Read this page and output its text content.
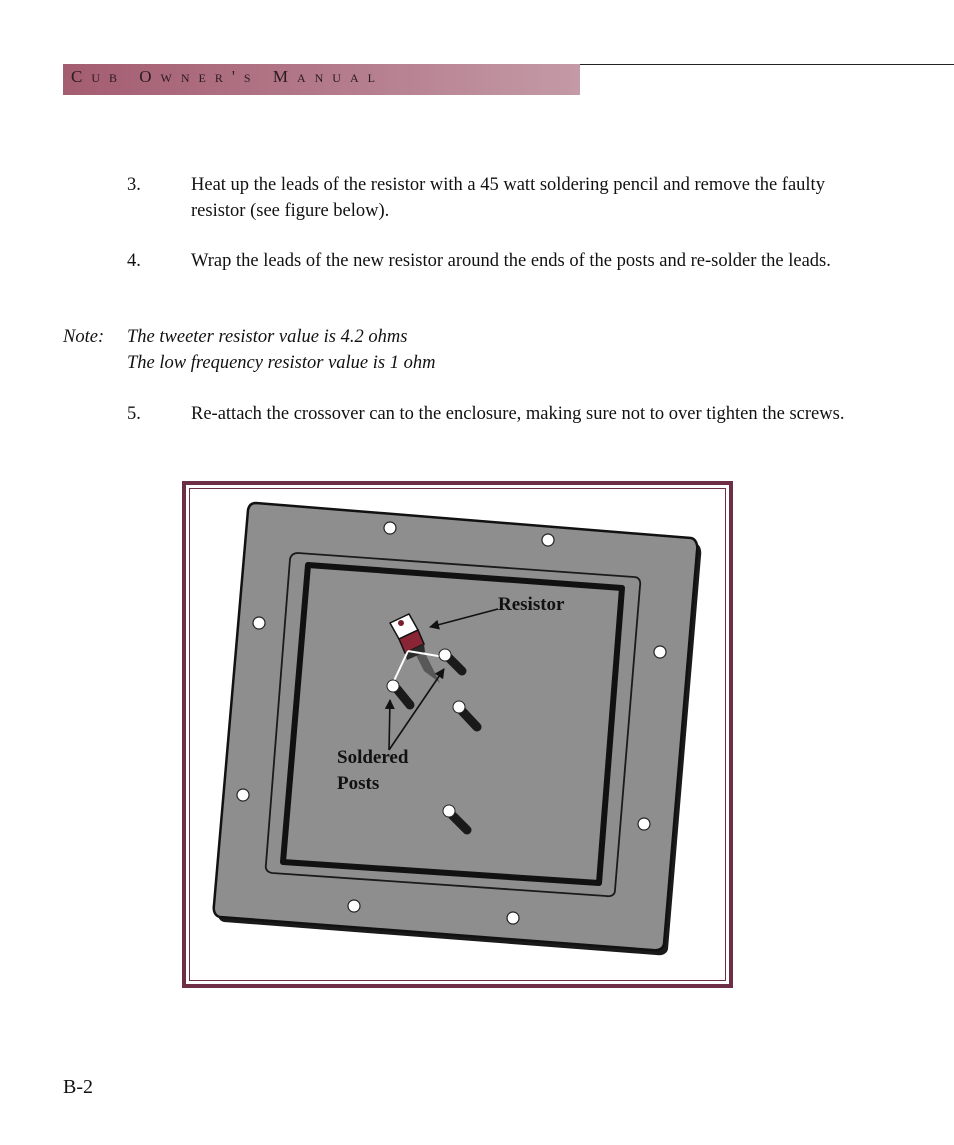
Cub Owner's Manual
3.	Heat up the leads of the resistor with a 45 watt soldering pencil and remove the faulty resistor (see figure below).
4.	Wrap the leads of the new resistor around the ends of the posts and re-solder the leads.
Note: The tweeter resistor value is 4.2 ohms
The low frequency resistor value is 1 ohm
5.	Re-attach the crossover can to the enclosure, making sure not to over tighten the screws.
Resistor
Soldered
Posts
B-2
